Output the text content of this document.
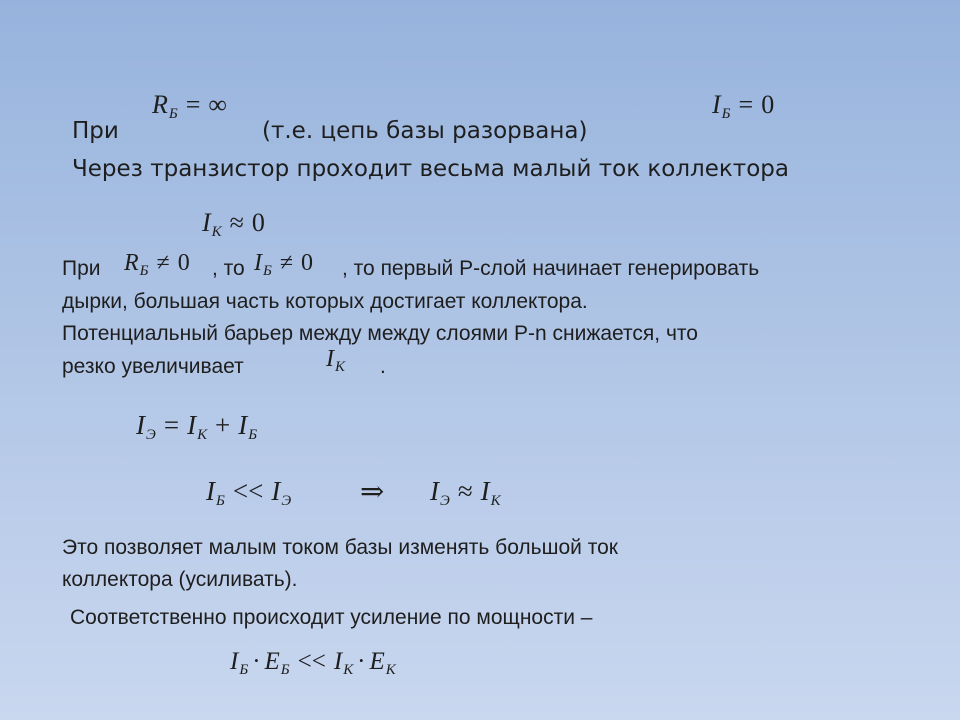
При
$R_Б$ = ∞
(т.е. цепь базы разорвана)
$I_Б = 0$
Через транзистор проходит весьма малый ток коллектора
$I_К \approx 0$
При $R_Б \ne 0$ , то $I_Б \ne 0$ , то первый Р-слой начинает генерировать
дырки, большая часть которых достигает коллектора.
Потенциальный барьер между между слоями Р-n снижается, что
резко увеличивает	$I_К$ .
$I_Э = I_К + I_Б$
$I_Б << I_Э$ ⇒ $I_Э \approx I_К$
Это позволяет малым током базы изменять большой ток
коллектора (усиливать).
Соответственно происходит усиление по мощности –
$I_Б \cdot E_Б << I_К \cdot E_К$
